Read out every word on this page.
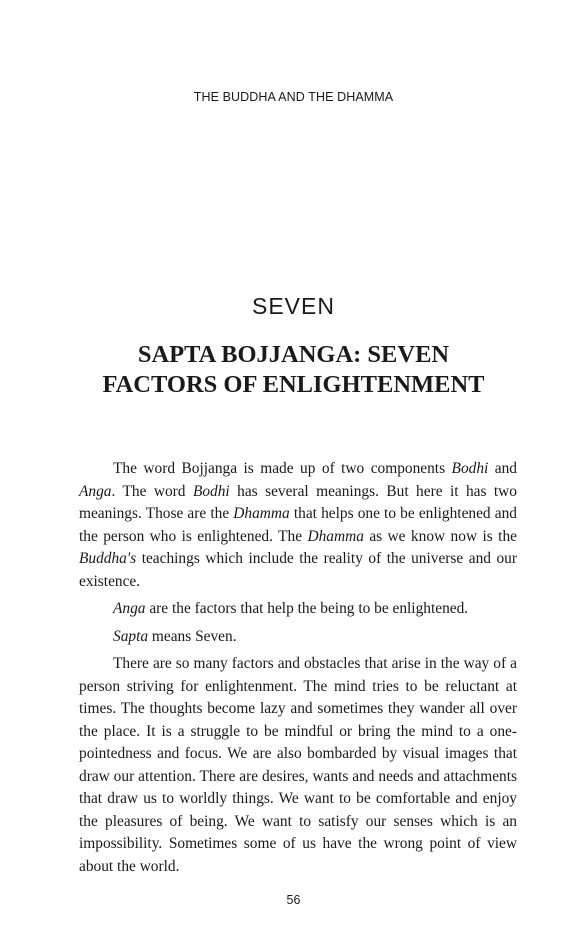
THE BUDDHA AND THE DHAMMA
SEVEN
SAPTA BOJJANGA: SEVEN
FACTORS OF ENLIGHTENMENT

The word Bojjanga is made up of two components Bodhi and Anga. The word Bodhi has several meanings. But here it has two meanings. Those are the Dhamma that helps one to be enlightened and the person who is enlightened. The Dhamma as we know now is the Buddha's teachings which include the reality of the universe and our existence.

Anga are the factors that help the being to be enlightened.

Sapta means Seven.

There are so many factors and obstacles that arise in the way of a person striving for enlightenment. The mind tries to be reluctant at times. The thoughts become lazy and sometimes they wander all over the place. It is a struggle to be mindful or bring the mind to a one-pointedness and focus. We are also bombarded by visual images that draw our attention. There are desires, wants and needs and attachments that draw us to worldly things. We want to be comfortable and enjoy the pleasures of being. We want to satisfy our senses which is an impossibility. Sometimes some of us have the wrong point of view about the world.

56
